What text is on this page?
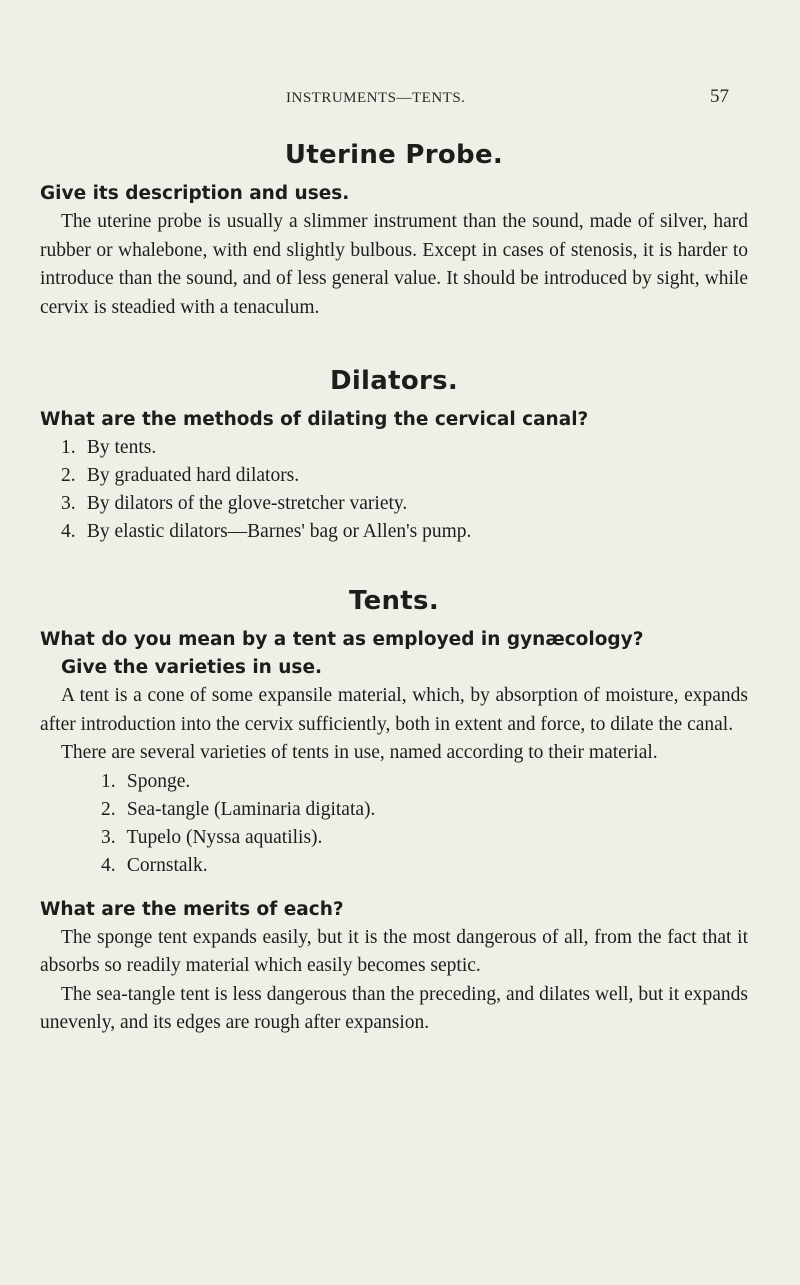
INSTRUMENTS—TENTS.	57
Uterine Probe.

Give its description and uses.

The uterine probe is usually a slimmer instrument than the sound, made of silver, hard rubber or whalebone, with end slightly bulbous. Except in cases of stenosis, it is harder to introduce than the sound, and of less general value. It should be introduced by sight, while cervix is steadied with a tenaculum.

Dilators.

What are the methods of dilating the cervical canal?

1. By tents.
2. By graduated hard dilators.
3. By dilators of the glove-stretcher variety.
4. By elastic dilators—Barnes' bag or Allen's pump.
Tents.

What do you mean by a tent as employed in gynæcology?

Give the varieties in use.

A tent is a cone of some expansile material, which, by absorption of moisture, expands after introduction into the cervix sufficiently, both in extent and force, to dilate the canal.

There are several varieties of tents in use, named according to their material.

1. Sponge.
2. Sea-tangle (Laminaria digitata).
3. Tupelo (Nyssa aquatilis).
4. Cornstalk.

What are the merits of each?

The sponge tent expands easily, but it is the most dangerous of all, from the fact that it absorbs so readily material which easily becomes septic.

The sea-tangle tent is less dangerous than the preceding, and dilates well, but it expands unevenly, and its edges are rough after expansion.
